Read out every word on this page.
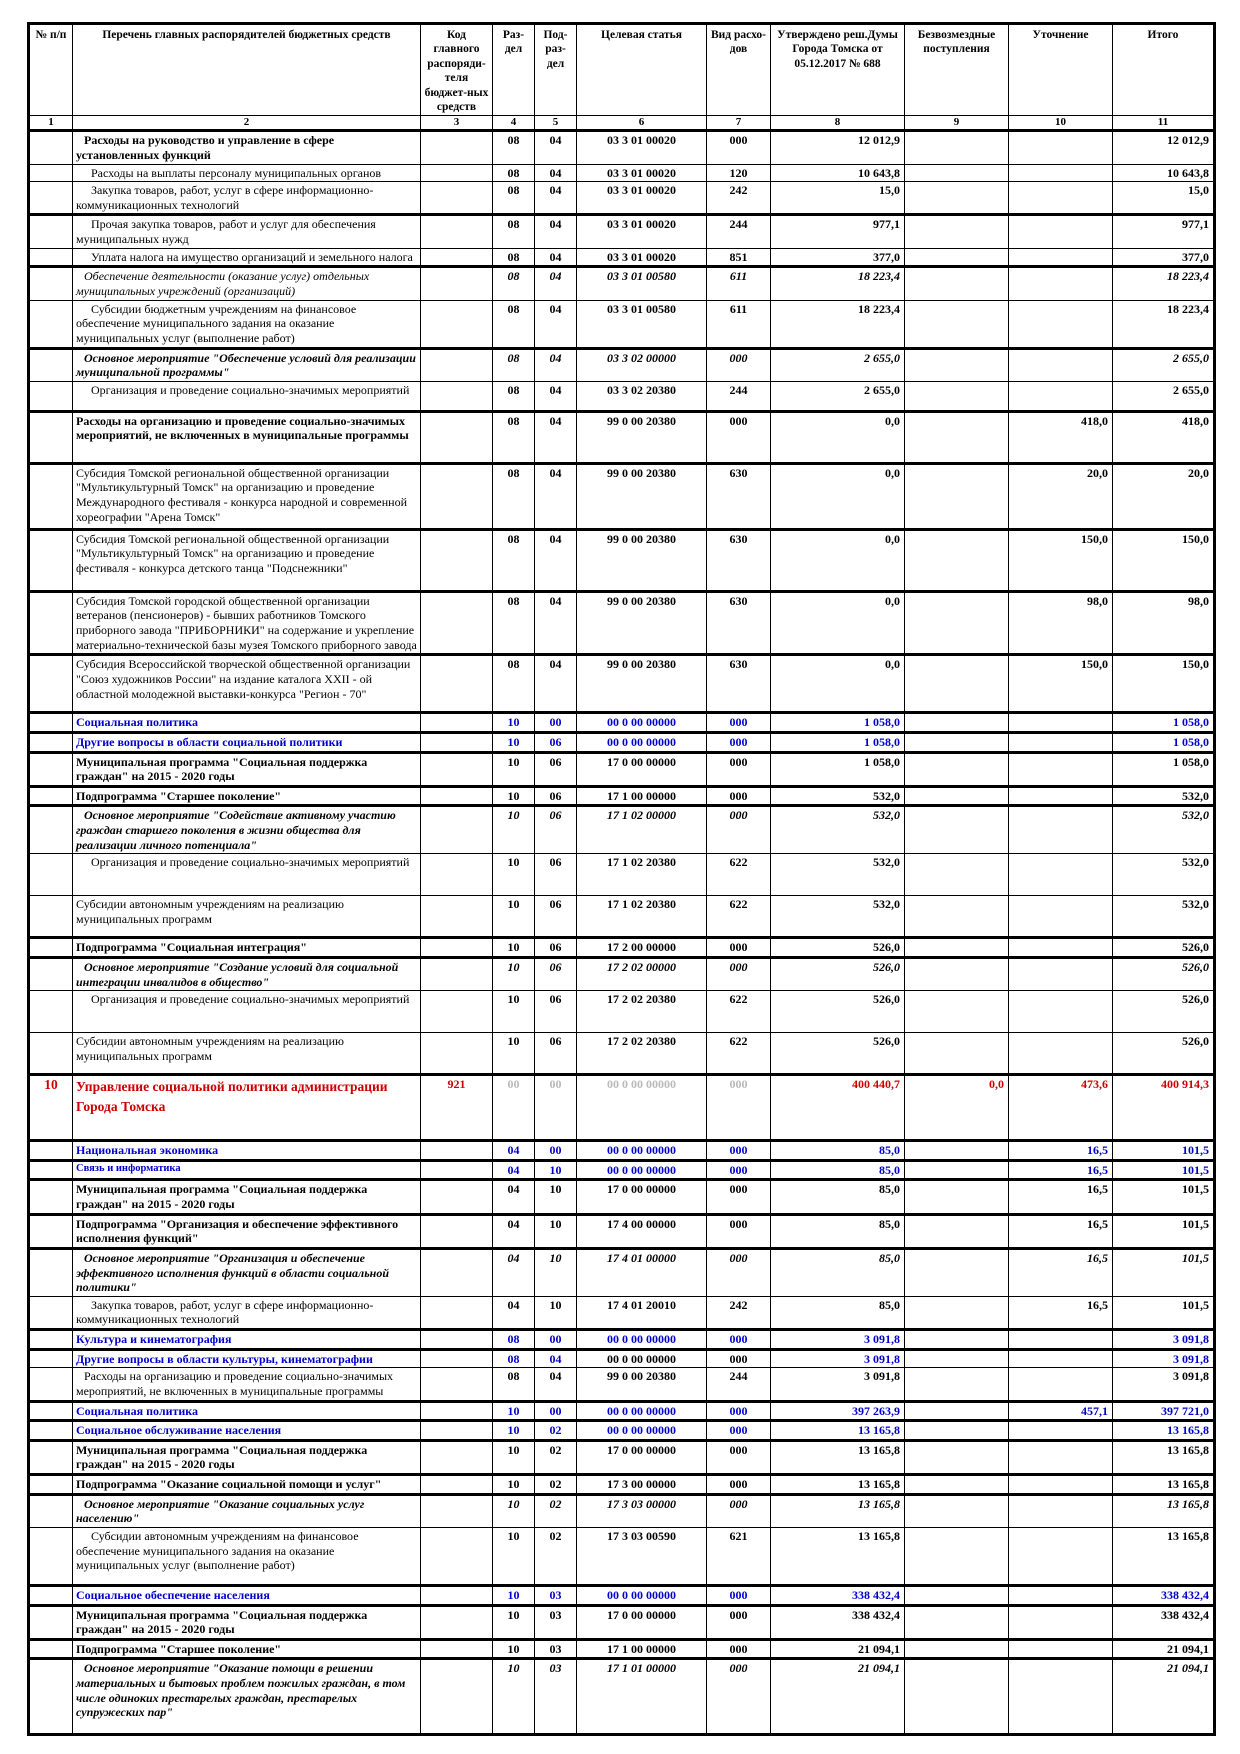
№ п/п	Перечень главных распорядителей бюджетных средств	Код главного распоряди-теля бюджет-ных средств	Раз-дел	Под-раз-дел	Целевая статья	Вид расхо-дов	Утверждено реш.Думы Города Томска от 05.12.2017 № 688	Безвозмездные поступления	Уточнение	Итого
1	2	3	4	5	6	7	8	9	10	11
	Расходы на руководство и управление в сфере установленных функций		08	04	03 3 01 00020	000	12 012,9			12 012,9
	Расходы на выплаты персоналу муниципальных органов		08	04	03 3 01 00020	120	10 643,8			10 643,8
	Закупка товаров, работ, услуг в сфере информационно-коммуникационных технологий		08	04	03 3 01 00020	242	15,0			15,0
	Прочая закупка товаров, работ и услуг для обеспечения муниципальных нужд		08	04	03 3 01 00020	244	977,1			977,1
	Уплата налога на имущество организаций и земельного налога		08	04	03 3 01 00020	851	377,0			377,0
	Обеспечение деятельности (оказание услуг) отдельных муниципальных учреждений (организаций)		08	04	03 3 01 00580	611	18 223,4			18 223,4
	Субсидии бюджетным учреждениям на финансовое обеспечение муниципального задания на оказание муниципальных услуг (выполнение работ)		08	04	03 3 01 00580	611	18 223,4			18 223,4
	Основное мероприятие "Обеспечение условий для реализации муниципальной программы"		08	04	03 3 02 00000	000	2 655,0			2 655,0
	Организация и проведение социально-значимых мероприятий		08	04	03 3 02 20380	244	2 655,0			2 655,0
	Расходы на организацию и проведение социально-значимых мероприятий, не включенных в муниципальные программы		08	04	99 0 00 20380	000	0,0		418,0	418,0
	Субсидия Томской региональной общественной организации "Мультикультурный Томск" на организацию и проведение Международного фестиваля - конкурса народной и современной хореографии "Арена Томск"		08	04	99 0 00 20380	630	0,0		20,0	20,0
	Субсидия Томской региональной общественной организации "Мультикультурный Томск" на организацию и проведение фестиваля - конкурса детского танца "Подснежники"		08	04	99 0 00 20380	630	0,0		150,0	150,0
	Субсидия Томской городской общественной организации ветеранов (пенсионеров) - бывших работников Томского приборного завода "ПРИБОРНИКИ" на содержание и укрепление материально-технической базы музея Томского приборного завода		08	04	99 0 00 20380	630	0,0		98,0	98,0
	Субсидия Всероссийской творческой общественной организации "Союз художников России" на издание каталога XXII - ой областной молодежной выставки-конкурса "Регион - 70"		08	04	99 0 00 20380	630	0,0		150,0	150,0
	Социальная политика		10	00	00 0 00 00000	000	1 058,0			1 058,0
	Другие вопросы в области социальной политики		10	06	00 0 00 00000	000	1 058,0			1 058,0
	Муниципальная программа "Социальная поддержка граждан" на 2015 - 2020 годы		10	06	17 0 00 00000	000	1 058,0			1 058,0
	Подпрограмма "Старшее поколение"		10	06	17 1 00 00000	000	532,0			532,0
	Основное мероприятие "Содействие активному участию граждан старшего поколения в жизни общества для реализации личного потенциала"		10	06	17 1 02 00000	000	532,0			532,0
	Организация и проведение социально-значимых мероприятий		10	06	17 1 02 20380	622	532,0			532,0
	Субсидии автономным учреждениям на реализацию муниципальных программ		10	06	17 1 02 20380	622	532,0			532,0
	Подпрограмма "Социальная интеграция"		10	06	17 2 00 00000	000	526,0			526,0
	Основное мероприятие "Создание условий для социальной интеграции инвалидов в общество"		10	06	17 2 02 00000	000	526,0			526,0
	Организация и проведение социально-значимых мероприятий		10	06	17 2 02 20380	622	526,0			526,0
	Субсидии автономным учреждениям на реализацию муниципальных программ		10	06	17 2 02 20380	622	526,0			526,0
10	Управление социальной политики администрации Города Томска	921	00	00	00 0 00 00000	000	400 440,7	0,0	473,6	400 914,3
	Национальная экономика		04	00	00 0 00 00000	000	85,0		16,5	101,5
	Связь и информатика		04	10	00 0 00 00000	000	85,0		16,5	101,5
	Муниципальная программа "Социальная поддержка граждан" на 2015 - 2020 годы		04	10	17 0 00 00000	000	85,0		16,5	101,5
	Подпрограмма "Организация и обеспечение эффективного исполнения функций"		04	10	17 4 00 00000	000	85,0		16,5	101,5
	Основное мероприятие "Организация и обеспечение эффективного исполнения функций в области социальной политики"		04	10	17 4 01 00000	000	85,0		16,5	101,5
	Закупка товаров, работ, услуг в сфере информационно-коммуникационных технологий		04	10	17 4 01 20010	242	85,0		16,5	101,5
	Культура и кинематография		08	00	00 0 00 00000	000	3 091,8			3 091,8
	Другие вопросы в области культуры, кинематографии		08	04	00 0 00 00000	000	3 091,8			3 091,8
	Расходы на организацию и проведение социально-значимых мероприятий, не включенных в муниципальные программы		08	04	99 0 00 20380	244	3 091,8			3 091,8
	Социальная политика		10	00	00 0 00 00000	000	397 263,9		457,1	397 721,0
	Социальное обслуживание населения		10	02	00 0 00 00000	000	13 165,8			13 165,8
	Муниципальная программа "Социальная поддержка граждан" на 2015 - 2020 годы		10	02	17 0 00 00000	000	13 165,8			13 165,8
	Подпрограмма "Оказание социальной помощи и услуг"		10	02	17 3 00 00000	000	13 165,8			13 165,8
	Основное мероприятие "Оказание социальных услуг населению"		10	02	17 3 03 00000	000	13 165,8			13 165,8
	Субсидии автономным учреждениям на финансовое обеспечение муниципального задания на оказание муниципальных услуг (выполнение работ)		10	02	17 3 03 00590	621	13 165,8			13 165,8
	Социальное обеспечение населения		10	03	00 0 00 00000	000	338 432,4			338 432,4
	Муниципальная программа "Социальная поддержка граждан" на 2015 - 2020 годы		10	03	17 0 00 00000	000	338 432,4			338 432,4
	Подпрограмма "Старшее поколение"		10	03	17 1 00 00000	000	21 094,1			21 094,1
	Основное мероприятие "Оказание помощи в решении материальных и бытовых проблем пожилых граждан, в том числе одиноких престарелых граждан, престарелых супружеских пар"		10	03	17 1 01 00000	000	21 094,1			21 094,1
